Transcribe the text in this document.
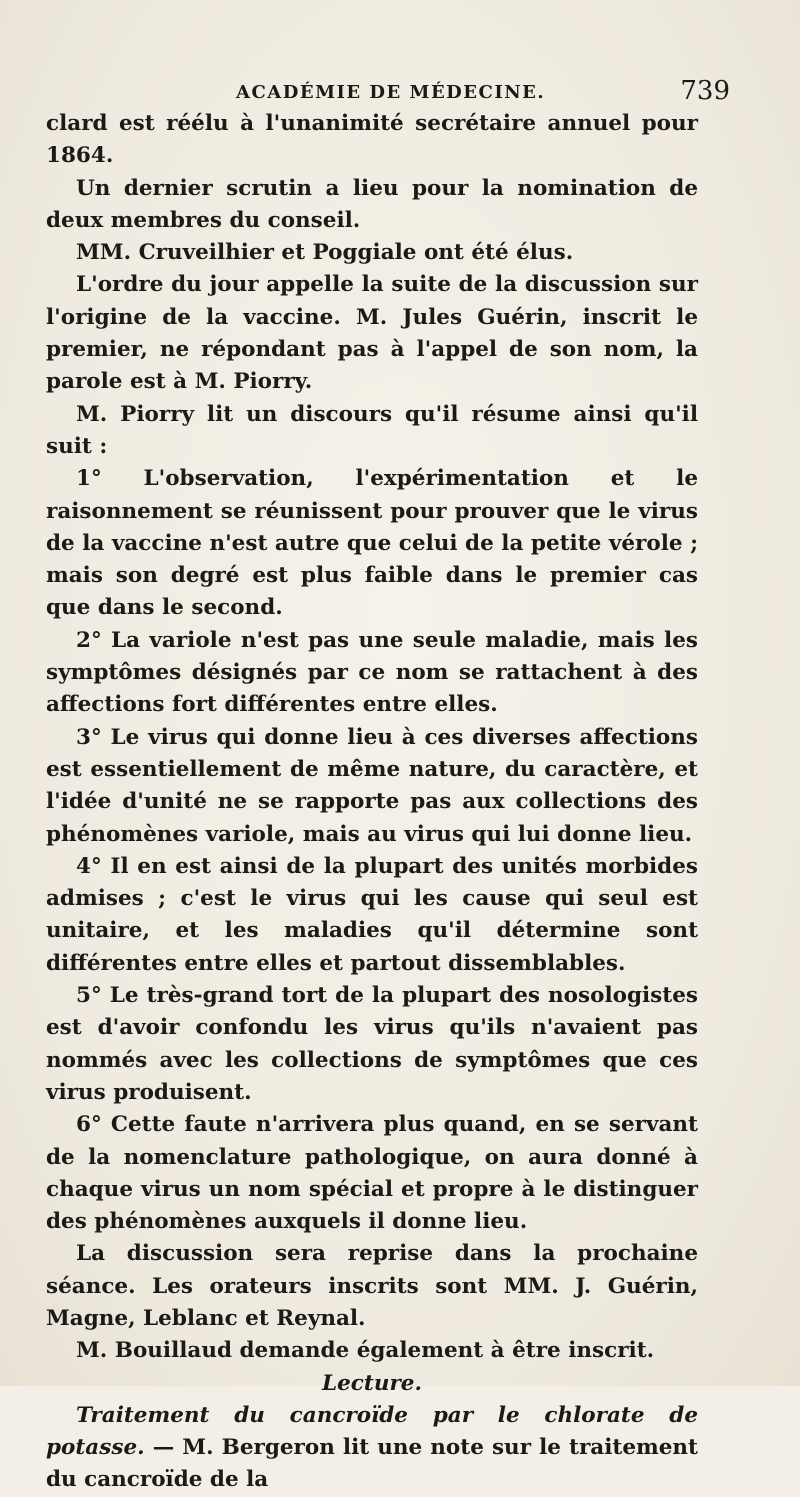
ACADÉMIE DE MÉDECINE.	739

clard est réélu à l'unanimité secrétaire annuel pour 1864.

Un dernier scrutin a lieu pour la nomination de deux membres du conseil.

MM. Cruveilhier et Poggiale ont été élus.

L'ordre du jour appelle la suite de la discussion sur l'origine de la vaccine. M. Jules Guérin, inscrit le premier, ne répondant pas à l'appel de son nom, la parole est à M. Piorry.

M. Piorry lit un discours qu'il résume ainsi qu'il suit :

1° L'observation, l'expérimentation et le raisonnement se réunissent pour prouver que le virus de la vaccine n'est autre que celui de la petite vérole ; mais son degré est plus faible dans le premier cas que dans le second.

2° La variole n'est pas une seule maladie, mais les symptômes désignés par ce nom se rattachent à des affections fort différentes entre elles.

3° Le virus qui donne lieu à ces diverses affections est essentiellement de même nature, du caractère, et l'idée d'unité ne se rapporte pas aux collections des phénomènes variole, mais au virus qui lui donne lieu.

4° Il en est ainsi de la plupart des unités morbides admises ; c'est le virus qui les cause qui seul est unitaire, et les maladies qu'il détermine sont différentes entre elles et partout dissemblables.

5° Le très-grand tort de la plupart des nosologistes est d'avoir confondu les virus qu'ils n'avaient pas nommés avec les collections de symptômes que ces virus produisent.

6° Cette faute n'arrivera plus quand, en se servant de la nomenclature pathologique, on aura donné à chaque virus un nom spécial et propre à le distinguer des phénomènes auxquels il donne lieu.

La discussion sera reprise dans la prochaine séance. Les orateurs inscrits sont MM. J. Guérin, Magne, Leblanc et Reynal.

M. Bouillaud demande également à être inscrit.

Lecture.

Traitement du cancroïde par le chlorate de potasse. — M. Bergeron lit une note sur le traitement du cancroïde de la
